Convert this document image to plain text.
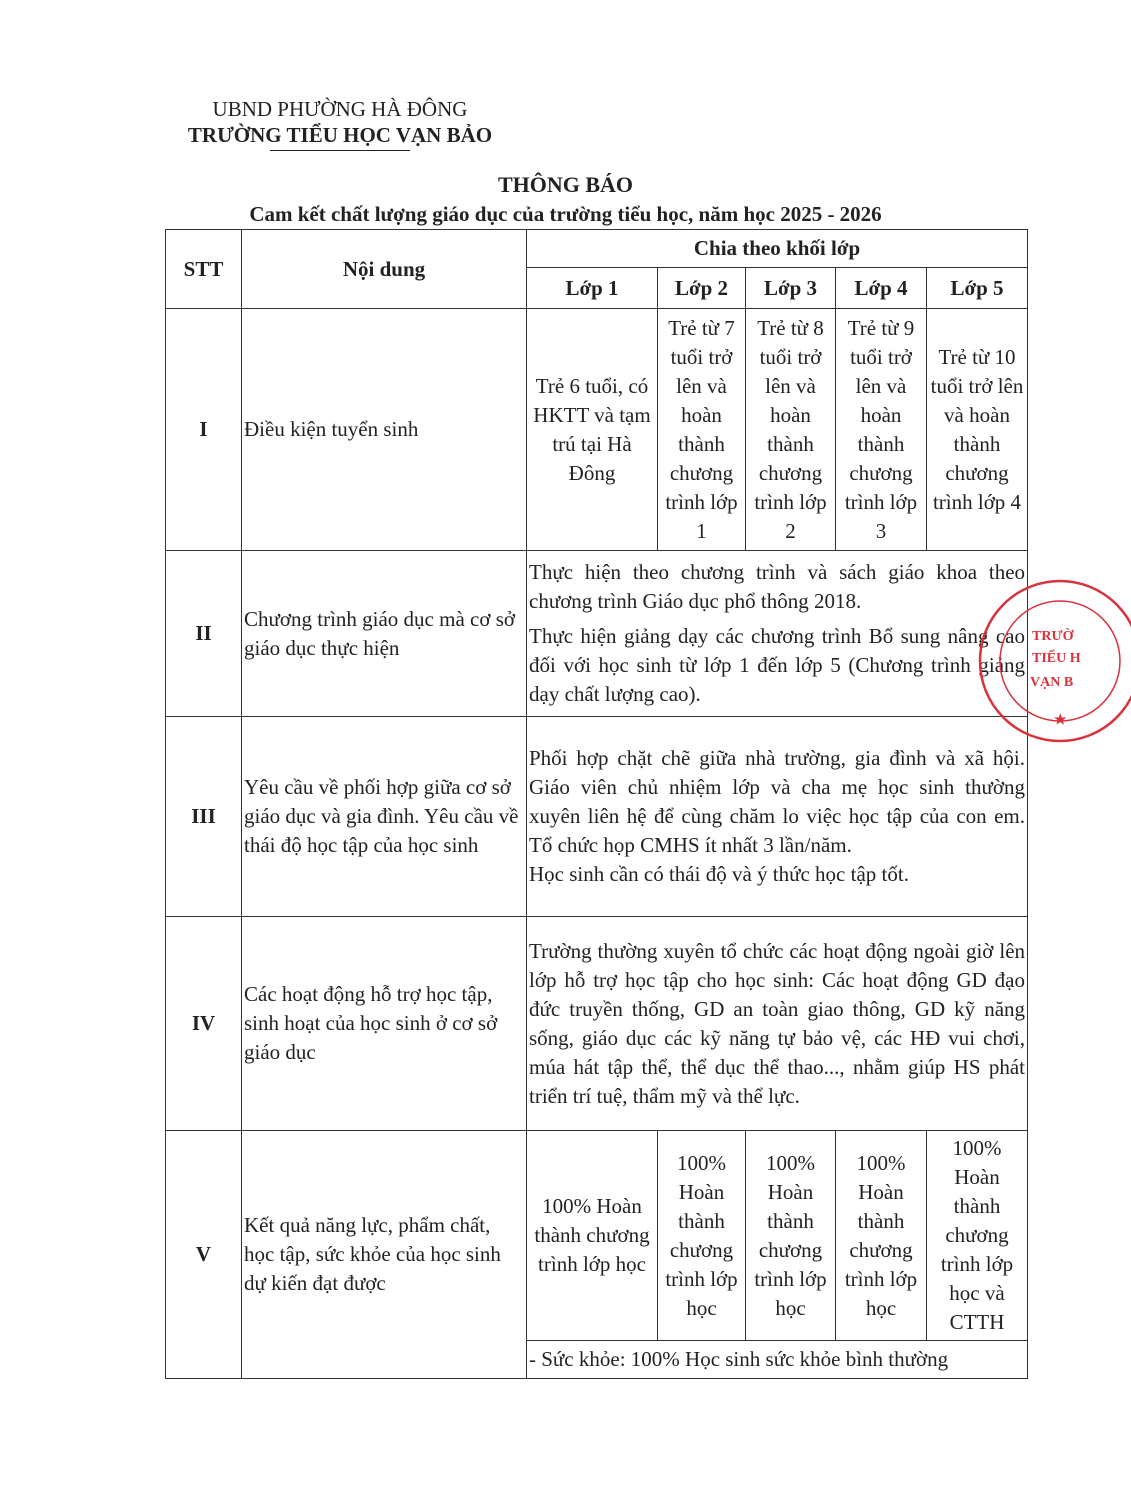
UBND PHƯỜNG HÀ ĐÔNG
TRƯỜNG TIỂU HỌC VẠN BẢO
THÔNG BÁO
Cam kết chất lượng giáo dục của trường tiểu học, năm học 2025 - 2026
STT	Nội dung	Chia theo khối lớp				
		Lớp 1	Lớp 2	Lớp 3	Lớp 4	Lớp 5
I	Điều kiện tuyển sinh	Trẻ 6 tuổi, có HKTT và tạm trú tại Hà Đông	Trẻ từ 7 tuổi trở lên và hoàn thành chương trình lớp 1	Trẻ từ 8 tuổi trở lên và hoàn thành chương trình lớp 2	Trẻ từ 9 tuổi trở lên và hoàn thành chương trình lớp 3	Trẻ từ 10 tuổi trở lên và hoàn thành chương trình lớp 4
II	Chương trình giáo dục mà cơ sở giáo dục thực hiện	Thực hiện theo chương trình và sách giáo khoa theo chương trình Giáo dục phổ thông 2018.

Thực hiện giảng dạy các chương trình Bổ sung nâng cao đối với học sinh từ lớp 1 đến lớp 5 (Chương trình giảng dạy chất lượng cao).				

III	Yêu cầu về phối hợp giữa cơ sở giáo dục và gia đình. Yêu cầu về thái độ học tập của học sinh	Phối hợp chặt chẽ giữa nhà trường, gia đình và xã hội. Giáo viên chủ nhiệm lớp và cha mẹ học sinh thường xuyên liên hệ để cùng chăm lo việc học tập của con em. Tổ chức họp CMHS ít nhất 3 lần/năm.

Học sinh cần có thái độ và ý thức học tập tốt.				

IV	Các hoạt động hỗ trợ học tập, sinh hoạt của học sinh ở cơ sở giáo dục	Trường thường xuyên tổ chức các hoạt động ngoài giờ lên lớp hỗ trợ học tập cho học sinh: Các hoạt động GD đạo đức truyền thống, GD an toàn giao thông, GD kỹ năng sống, giáo dục các kỹ năng tự bảo vệ, các HĐ vui chơi, múa hát tập thể, thể dục thể thao..., nhằm giúp HS phát triển trí tuệ, thẩm mỹ và thể lực.				

V	Kết quả năng lực, phẩm chất, học tập, sức khỏe của học sinh dự kiến đạt được	100% Hoàn thành chương trình lớp học	100% Hoàn thành chương trình lớp học	100% Hoàn thành chương trình lớp học	100% Hoàn thành chương trình lớp học	100% Hoàn thành chương trình lớp học và CTTH
		- Sức khỏe: 100% Học sinh sức khỏe bình thường				
TRƯỜ
TIỂU H
VẠN B
★
